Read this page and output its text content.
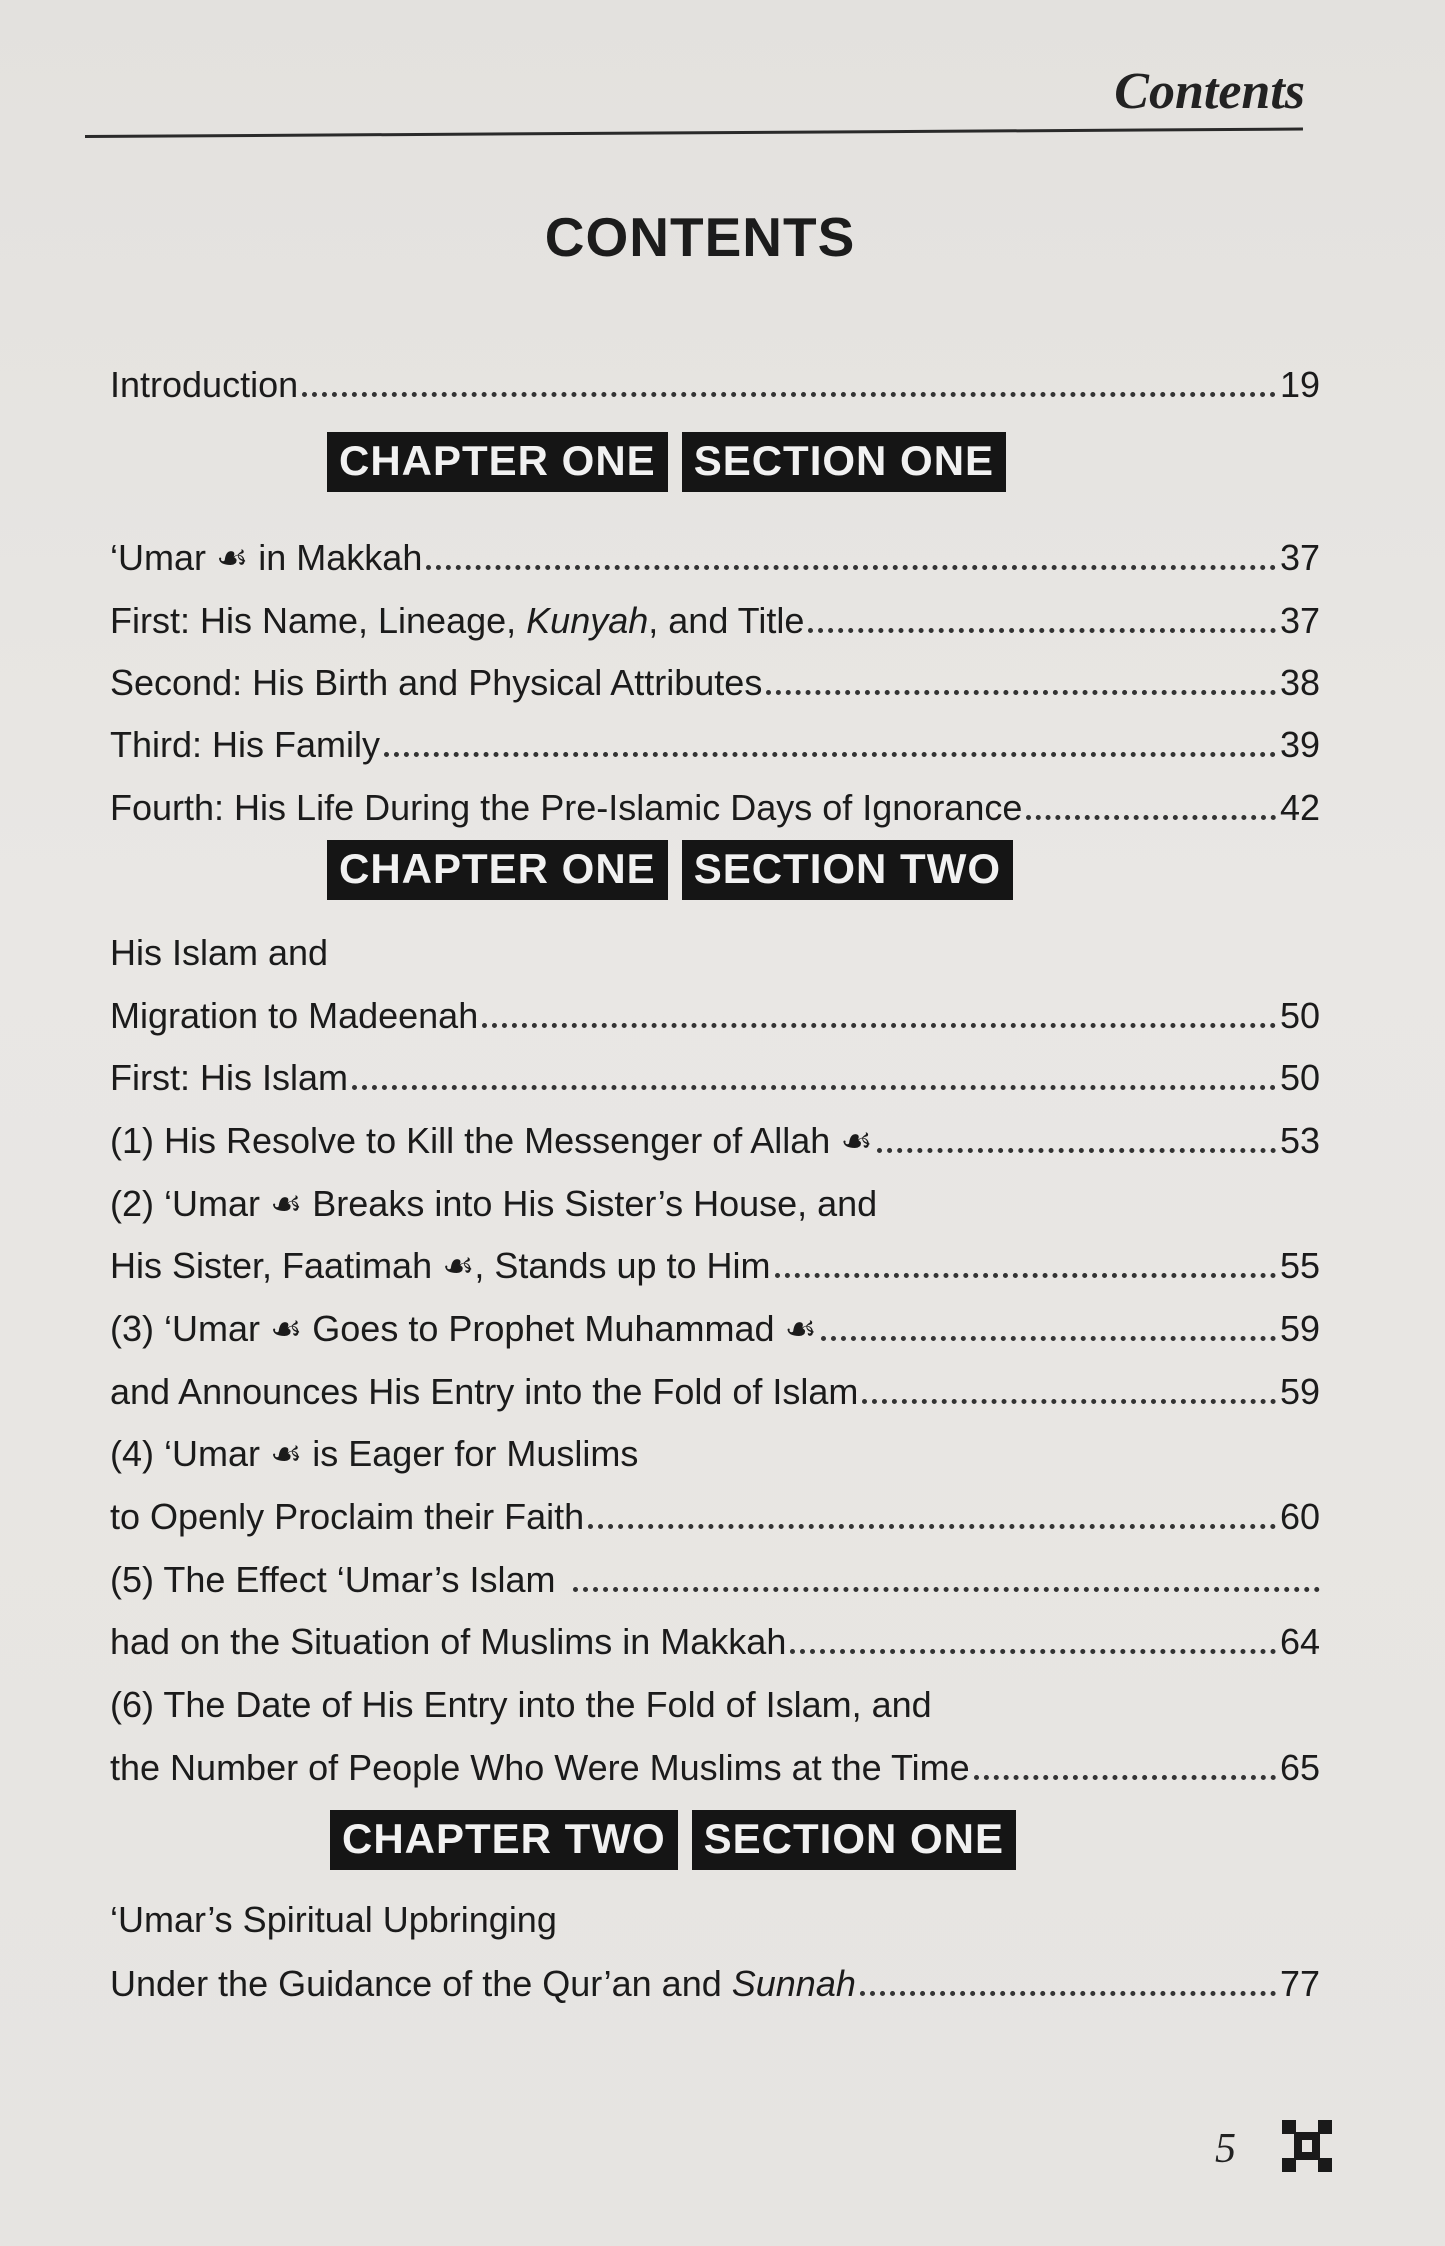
Contents
CONTENTS
Introduction	19
CHAPTER ONE SECTION ONE
‘Umar ☙ in Makkah	37
First: His Name, Lineage, Kunyah, and Title	37
Second: His Birth and Physical Attributes	38
Third: His Family	39
Fourth: His Life During the Pre-Islamic Days of Ignorance	42
CHAPTER ONE SECTION TWO
His Islam and
Migration to Madeenah	50
First: His Islam	50
(1) His Resolve to Kill the Messenger of Allah ☙	53
(2) ‘Umar ☙ Breaks into His Sister’s House, and
His Sister, Faatimah ☙, Stands up to Him	55
(3) ‘Umar ☙ Goes to Prophet Muhammad ☙	59
and Announces His Entry into the Fold of Islam	59
(4) ‘Umar ☙ is Eager for Muslims
to Openly Proclaim their Faith	60
(5) The Effect ‘Umar’s Islam
had on the Situation of Muslims in Makkah	64
(6) The Date of His Entry into the Fold of Islam, and
the Number of People Who Were Muslims at the Time	65
CHAPTER TWO SECTION ONE
‘Umar’s Spiritual Upbringing
Under the Guidance of the Qur’an and Sunnah	77
5
